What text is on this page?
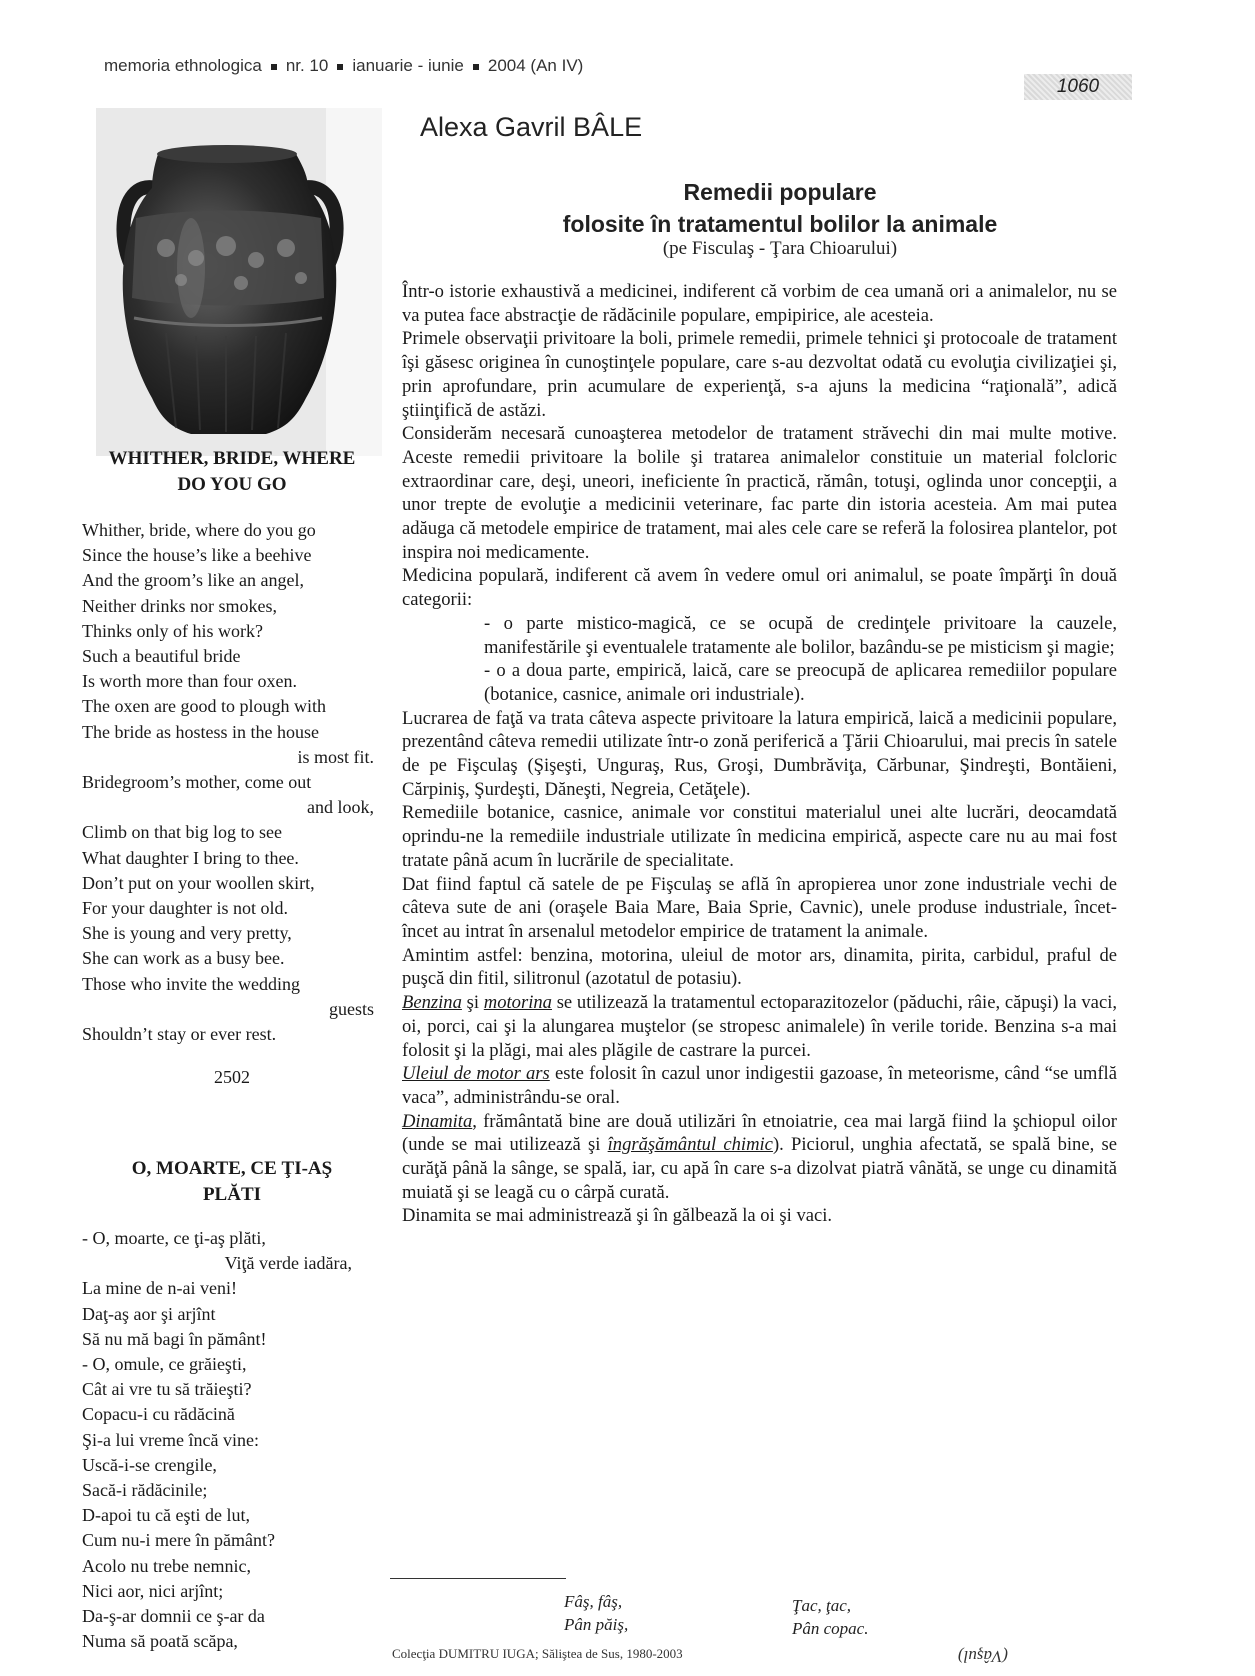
memoria ethnologica nr. 10 ianuarie - iunie 2004 (An IV)
1060
Alexa Gavril BÂLE
Remedii populare
folosite în tratamentul bolilor la animale
(pe Fisculaş - Ţara Chioarului)

Într-o istorie exhaustivă a medicinei, indiferent că vorbim de cea umană ori a animalelor, nu se va putea face abstracţie de rădăcinile populare, empipirice, ale acesteia.

Primele observaţii privitoare la boli, primele remedii, primele tehnici şi protocoale de tratament îşi găsesc originea în cunoştinţele populare, care s-au dezvoltat odată cu evoluţia civilizaţiei şi, prin aprofundare, prin acumulare de experienţă, s-a ajuns la medicina “raţională”, adică ştiinţifică de astăzi.

Considerăm necesară cunoaşterea metodelor de tratament străvechi din mai multe motive. Aceste remedii privitoare la bolile şi tratarea animalelor constituie un material folcloric extraordinar care, deşi, uneori, ineficiente în practică, rămân, totuşi, oglinda unor concepţii, a unor trepte de evoluţie a medicinii veterinare, fac parte din istoria acesteia. Am mai putea adăuga că metodele empirice de tratament, mai ales cele care se referă la folosirea plantelor, pot inspira noi medicamente.

Medicina populară, indiferent că avem în vedere omul ori animalul, se poate împărţi în două categorii:

- o parte mistico-magică, ce se ocupă de credinţele privitoare la cauzele, manifestările şi eventualele tratamente ale bolilor, bazându-se pe misticism şi magie;

- o a doua parte, empirică, laică, care se preocupă de aplicarea remediilor populare (botanice, casnice, animale ori industriale).

Lucrarea de faţă va trata câteva aspecte privitoare la latura empirică, laică a medicinii populare, prezentând câteva remedii utilizate într-o zonă periferică a Ţării Chioarului, mai precis în satele de pe Fişculaş (Şişeşti, Unguraş, Rus, Groşi, Dumbrăviţa, Cărbunar, Şindreşti, Bontăieni, Cărpiniş, Şurdeşti, Dăneşti, Negreia, Cetăţele).

Remediile botanice, casnice, animale vor constitui materialul unei alte lucrări, deocamdată oprindu-ne la remediile industriale utilizate în medicina empirică, aspecte care nu au mai fost tratate până acum în lucrările de specialitate.

Dat fiind faptul că satele de pe Fişculaş se află în apropierea unor zone industriale vechi de câteva sute de ani (oraşele Baia Mare, Baia Sprie, Cavnic), unele produse industriale, încet-încet au intrat în arsenalul metodelor empirice de tratament la animale.

Amintim astfel: benzina, motorina, uleiul de motor ars, dinamita, pirita, carbidul, praful de puşcă din fitil, silitronul (azotatul de potasiu).

Benzina şi motorina se utilizează la tratamentul ectoparazitozelor (păduchi, râie, căpuşi) la vaci, oi, porci, cai şi la alungarea muştelor (se stropesc animalele) în verile toride. Benzina s-a mai folosit şi la plăgi, mai ales plăgile de castrare la purcei.

Uleiul de motor ars este folosit în cazul unor indigestii gazoase, în meteorisme, când “se umflă vaca”, administrându-se oral.

Dinamita, frământată bine are două utilizări în etnoiatrie, cea mai largă fiind la şchiopul oilor (unde se mai utilizează şi îngrăşământul chimic). Piciorul, unghia afectată, se spală bine, se curăţă până la sânge, se spală, iar, cu apă în care s-a dizolvat piatră vânătă, se unge cu dinamită muiată şi se leagă cu o cârpă curată.

Dinamita se mai administrează şi în gălbează la oi şi vaci.

WHITHER, BRIDE, WHERE
DO YOU GO
Whither, bride, where do you go
Since the house’s like a beehive
And the groom’s like an angel,
Neither drinks nor smokes,
Thinks only of his work?
Such a beautiful bride
Is worth more than four oxen.
The oxen are good to plough with
The bride as hostess in the house
is most fit.
Bridegroom’s mother, come out
and look,
Climb on that big log to see
What daughter I bring to thee.
Don’t put on your woollen skirt,
For your daughter is not old.
She is young and very pretty,
She can work as a busy bee.
Those who invite the wedding
guests
Shouldn’t stay or ever rest.
2502
O, MOARTE, CE ŢI-AŞ
PLĂTI
- O, moarte, ce ţi-aş plăti,
Viţă verde iadăra,
La mine de n-ai veni!
Daţ-aş aor şi arjînt
Să nu mă bagi în pământ!
- O, omule, ce grăieşti,
Cât ai vre tu să trăieşti?
Copacu-i cu rădăcină
Şi-a lui vreme încă vine:
Uscă-i-se crengile,
Sacă-i rădăcinile;
D-apoi tu că eşti de lut,
Cum nu-i mere în pământ?
Acolo nu trebe nemnic,
Nici aor, nici arjînt;
Da-ş-ar domnii ce ş-ar da
Numa să poată scăpa,
Fâş, fâş,
Pân păiş,
Ţac, ţac,
Pân copac.
Colecţia DUMITRU IUGA; Săliştea de Sus, 1980-2003	(Vâşul)
